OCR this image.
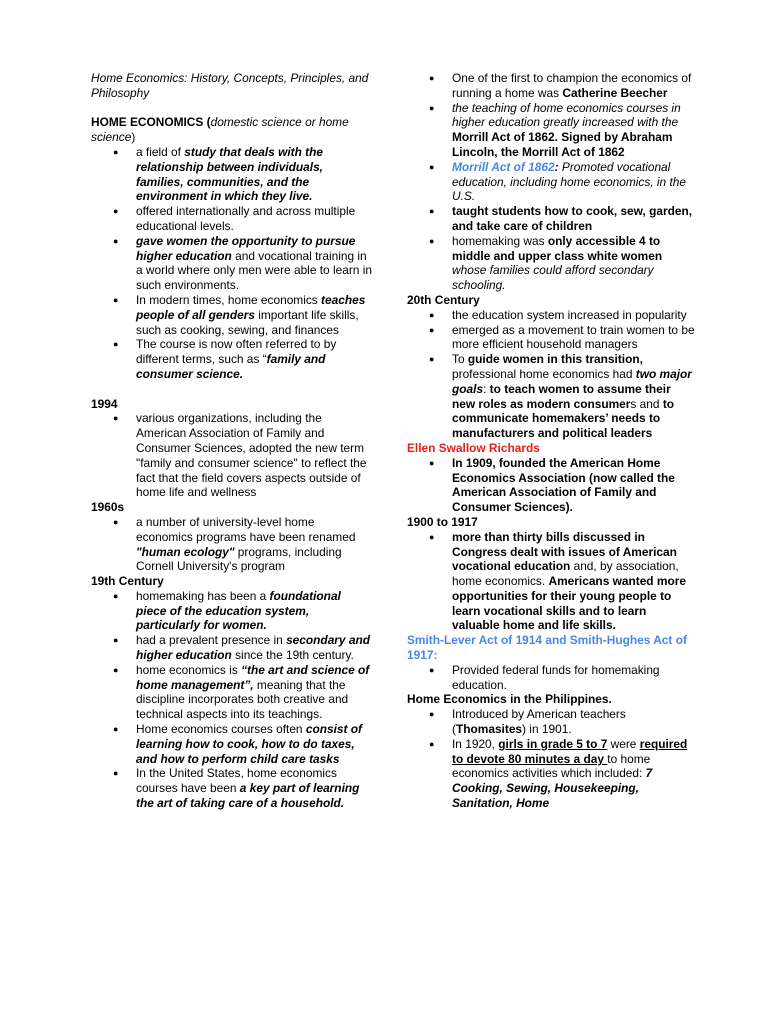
Home Economics: History, Concepts, Principles, and Philosophy

HOME ECONOMICS (domestic science or home science)

● a field of study that deals with the relationship between individuals, families, communities, and the environment in which they live.
● offered internationally and across multiple educational levels.
● gave women the opportunity to pursue higher education and vocational training in a world where only men were able to learn in such environments.
● In modern times, home economics teaches people of all genders important life skills, such as cooking, sewing, and finances
● The course is now often referred to by different terms, such as “family and consumer science.

1994

● various organizations, including the American Association of Family and Consumer Sciences, adopted the new term "family and consumer science" to reflect the fact that the field covers aspects outside of home life and wellness

1960s

● a number of university-level home economics programs have been renamed "human ecology" programs, including Cornell University's program

19th Century

● homemaking has been a foundational piece of the education system, particularly for women.
● had a prevalent presence in secondary and higher education since the 19th century.
● home economics is “the art and science of home management”, meaning that the discipline incorporates both creative and technical aspects into its teachings.
● Home economics courses often consist of learning how to cook, how to do taxes, and how to perform child care tasks
● In the United States, home economics courses have been a key part of learning the art of taking care of a household.
● One of the first to champion the economics of running a home was Catherine Beecher
● the teaching of home economics courses in higher education greatly increased with the Morrill Act of 1862. Signed by Abraham Lincoln, the Morrill Act of 1862
● Morrill Act of 1862: Promoted vocational education, including home economics, in the U.S.
● taught students how to cook, sew, garden, and take care of children
● homemaking was only accessible 4 to middle and upper class white women whose families could afford secondary schooling.

20th Century

● the education system increased in popularity
● emerged as a movement to train women to be more efficient household managers
● To guide women in this transition, professional home economics had two major goals: to teach women to assume their new roles as modern consumers and to communicate homemakers’ needs to manufacturers and political leaders

Ellen Swallow Richards

● In 1909, founded the American Home Economics Association (now called the American Association of Family and Consumer Sciences).

1900 to 1917

● more than thirty bills discussed in Congress dealt with issues of American vocational education and, by association, home economics. Americans wanted more opportunities for their young people to learn vocational skills and to learn valuable home and life skills.

Smith-Lever Act of 1914 and Smith-Hughes Act of 1917:

● Provided federal funds for homemaking education.

Home Economics in the Philippines.

● Introduced by American teachers (Thomasites) in 1901.
● In 1920, girls in grade 5 to 7 were required to devote 80 minutes a day to home economics activities which included: 7 Cooking, Sewing, Housekeeping, Sanitation, Home
